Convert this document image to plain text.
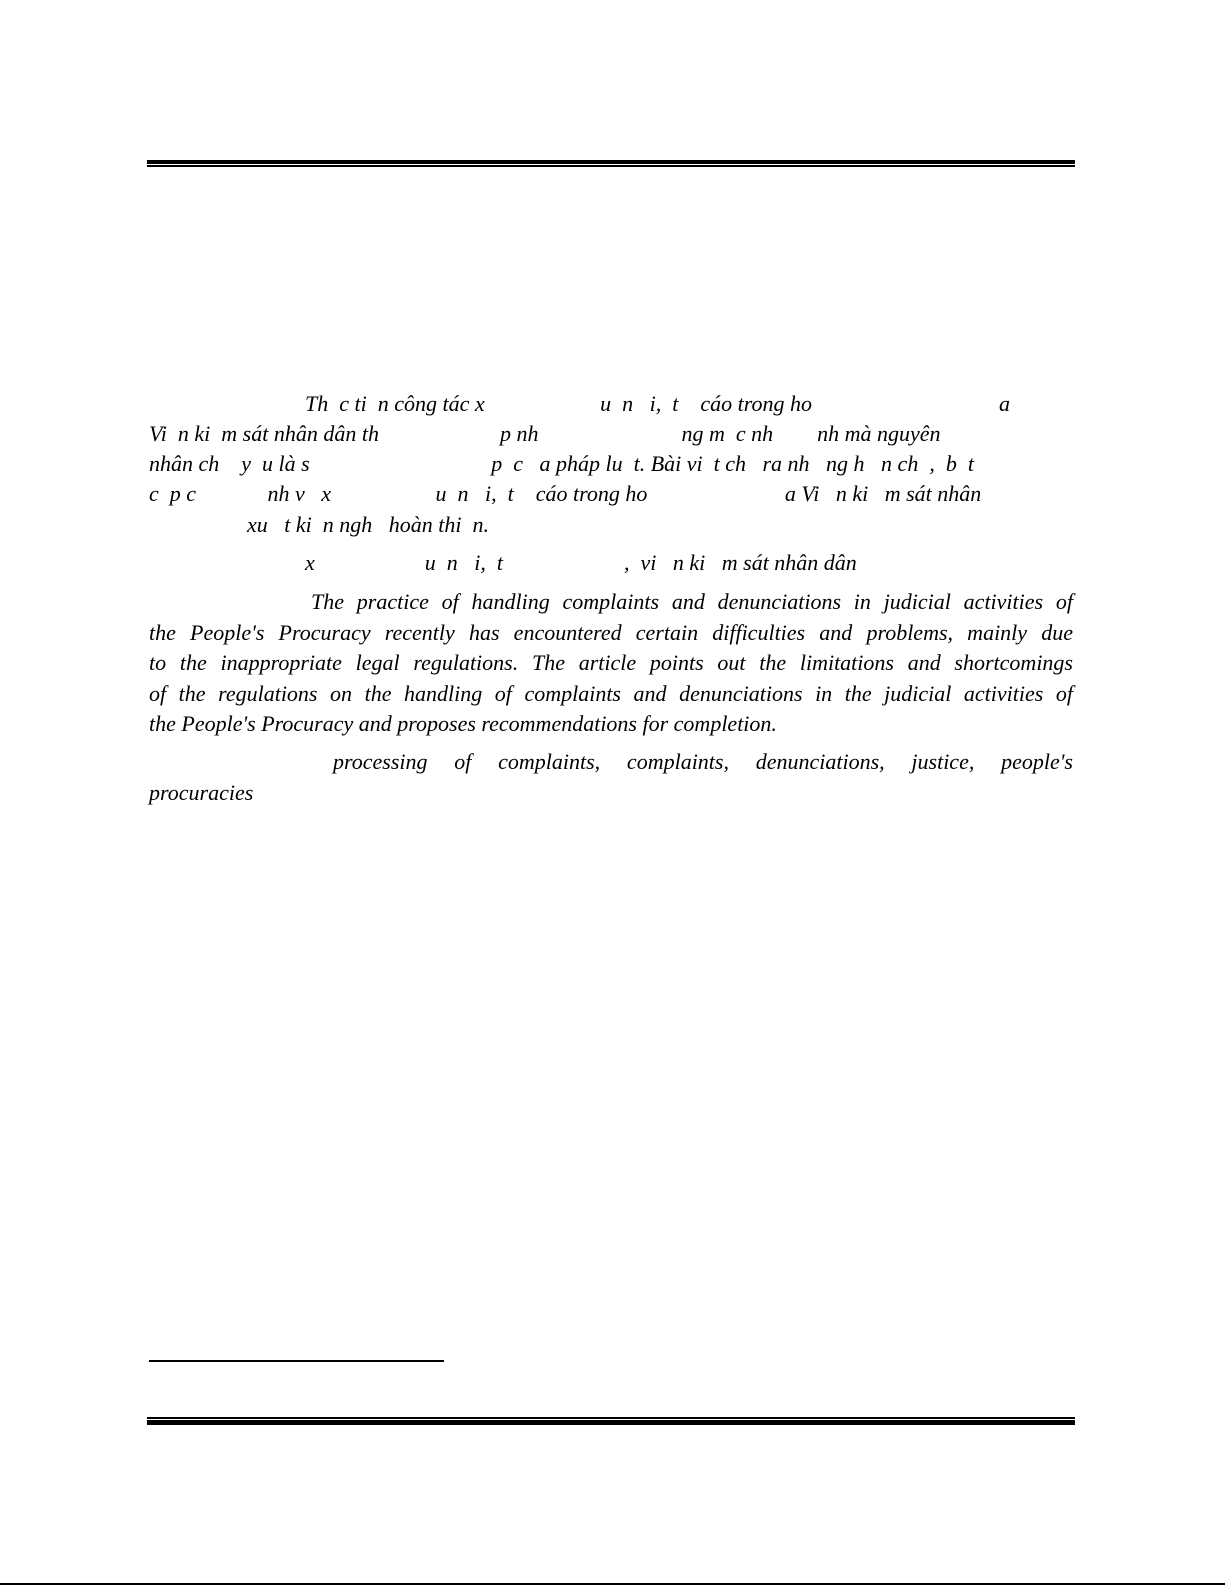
Th  c ti  n công tác x                     u  n   i,  t    cáo trong ho                                  a
Vi  n ki  m sát nhân dân th                      p nh                          ng m  c nh        nh mà nguyên
nhân ch    y  u là s                                 p  c   a pháp lu  t. Bài vi  t ch   ra nh   ng h   n ch  ,  b  t
c  p c             nh v   x                   u  n   i,  t    cáo trong ho                         a Vi   n ki   m sát nhân
xu   t ki  n ngh   hoàn thi  n.
x                    u  n   i,  t                      ,  vi   n ki   m sát nhân dân
The practice of handling complaints and denunciations in judicial activities of
the People's Procuracy recently has encountered certain difficulties and problems, mainly due
to the inappropriate legal regulations. The article points out the limitations and shortcomings
of the regulations on the handling of complaints and denunciations in the judicial activities of
the People's Procuracy and proposes recommendations for completion.
processing of complaints, complaints, denunciations, justice, people's
procuracies
